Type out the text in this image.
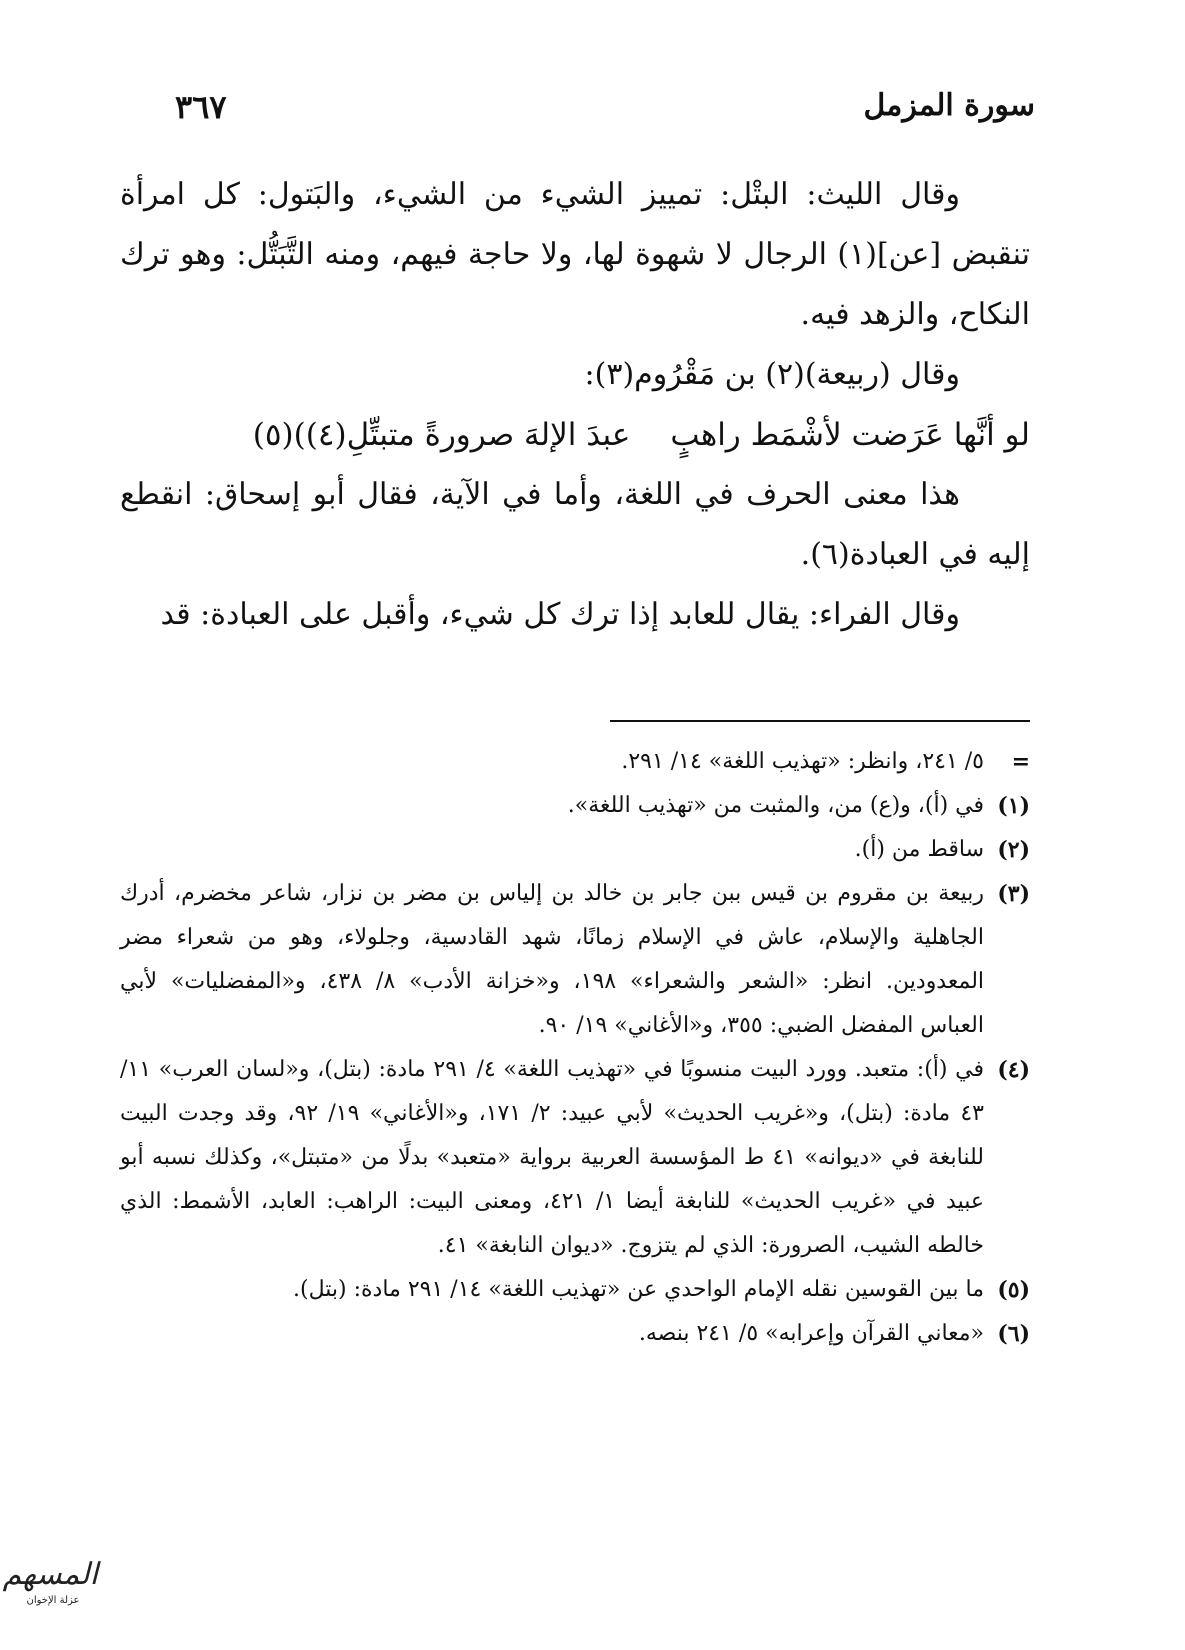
سورة المزمل
٣٦٧

وقال الليث: البتْل: تمييز الشيء من الشيء، والبَتول: كل امرأة تنقبض [عن](١) الرجال لا شهوة لها، ولا حاجة فيهم، ومنه التَّبَتُّل: وهو ترك النكاح، والزهد فيه.

وقال (ربيعة)(٢) بن مَقْرُوم(٣):

لو أنَّها عَرَضت لأشْمَط راهبٍعبدَ الإلهَ صرورةً متبتِّلِ(٤))(٥)

هذا معنى الحرف في اللغة، وأما في الآية، فقال أبو إسحاق: انقطع إليه في العبادة(٦).

وقال الفراء: يقال للعابد إذا ترك كل شيء، وأقبل على العبادة: قد

=
٥/ ٢٤١، وانظر: «تهذيب اللغة» ١٤/ ٢٩١.

(١)
في (أ)، و(ع) من، والمثبت من «تهذيب اللغة».

(٢)
ساقط من (أ).

(٣)
ربيعة بن مقروم بن قيس ببن جابر بن خالد بن إلياس بن مضر بن نزار، شاعر مخضرم، أدرك الجاهلية والإسلام، عاش في الإسلام زمانًا، شهد القادسية، وجلولاء، وهو من شعراء مضر المعدودين. انظر: «الشعر والشعراء» ١٩٨، و«خزانة الأدب» ٨/ ٤٣٨، و«المفضليات» لأبي العباس المفضل الضبي: ٣٥٥، و«الأغاني» ١٩/ ٩٠.

(٤)
في (أ): متعبد. وورد البيت منسوبًا في «تهذيب اللغة» ٤/ ٢٩١ مادة: (بتل)، و«لسان العرب» ١١/ ٤٣ مادة: (بتل)، و«غريب الحديث» لأبي عبيد: ٢/ ١٧١، و«الأغاني» ١٩/ ٩٢، وقد وجدت البيت للنابغة في «ديوانه» ٤١ ط المؤسسة العربية برواية «متعبد» بدلًا من «متبتل»، وكذلك نسبه أبو عبيد في «غريب الحديث» للنابغة أيضا ١/ ٤٢١، ومعنى البيت: الراهب: العابد، الأشمط: الذي خالطه الشيب، الصرورة: الذي لم يتزوج. «ديوان النابغة» ٤١.

(٥)
ما بين القوسين نقله الإمام الواحدي عن «تهذيب اللغة» ١٤/ ٢٩١ مادة: (بتل).

(٦)
«معاني القرآن وإعرابه» ٥/ ٢٤١ بنصه.

المسهم
عزلة الإخوان
